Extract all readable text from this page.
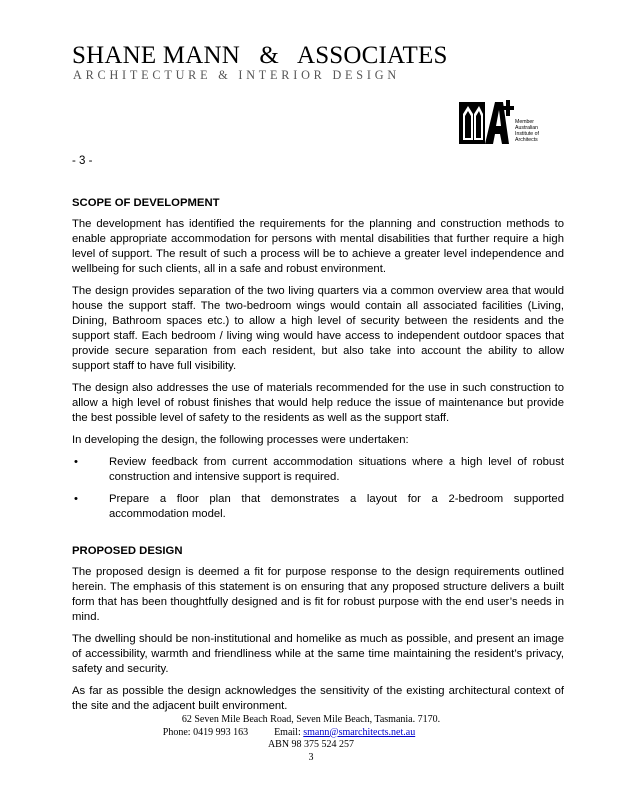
SHANE MANN   &   ASSOCIATES
ARCHITECTURE & INTERIOR DESIGN
Member
Australian
Institute of
Architects
- 3 -
SCOPE OF DEVELOPMENT

The development has identified the requirements for the planning and construction methods to enable appropriate accommodation for persons with mental disabilities that further require a high level of support. The result of such a process will be to achieve a greater level independence and wellbeing for such clients, all in a safe and robust environment.

The design provides separation of the two living quarters via a common overview area that would house the support staff. The two-bedroom wings would contain all associated facilities (Living, Dining, Bathroom spaces etc.) to allow a high level of security between the residents and the support staff. Each bedroom / living wing would have access to independent outdoor spaces that provide secure separation from each resident, but also take into account the ability to allow support staff to have full visibility.

The design also addresses the use of materials recommended for the use in such construction to allow a high level of robust finishes that would help reduce the issue of maintenance but provide the best possible level of safety to the residents as well as the support staff.

In developing the design, the following processes were undertaken:

•	Review feedback from current accommodation situations where a high level of robust construction and intensive support is required.
•	Prepare a floor plan that demonstrates a layout for a 2-bedroom supported accommodation model.
PROPOSED DESIGN

The proposed design is deemed a fit for purpose response to the design requirements outlined herein. The emphasis of this statement is on ensuring that any proposed structure delivers a built form that has been thoughtfully designed and is fit for robust purpose with the end user’s needs in mind.

The dwelling should be non-institutional and homelike as much as possible, and present an image of accessibility, warmth and friendliness while at the same time maintaining the resident’s privacy, safety and security.

As far as possible the design acknowledges the sensitivity of the existing architectural context of the site and the adjacent built environment.

62 Seven Mile Beach Road, Seven Mile Beach, Tasmania. 7170.
Phone: 0419 993 163	Email: smann@smarchitects.net.au
ABN 98 375 524 257
3
